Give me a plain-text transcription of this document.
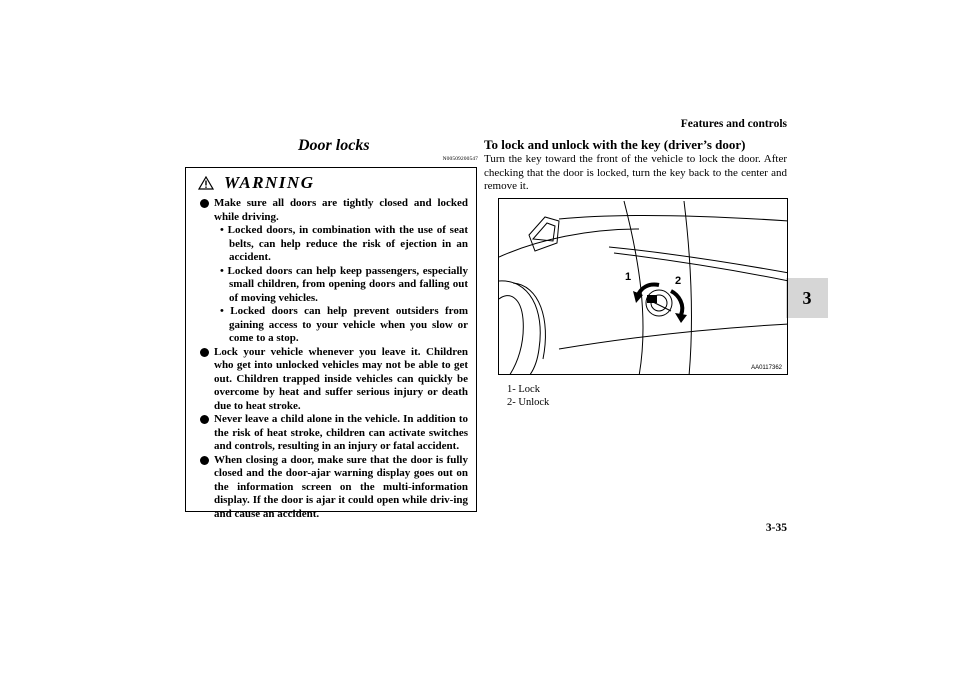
Features and controls
3
3-35
Door locks
N00509200547
WARNING
Make sure all doors are tightly closed and locked while driving.
• Locked doors, in combination with the use of seat belts, can help reduce the risk of ejection in an accident.
• Locked doors can help keep passengers, especially small children, from opening doors and falling out of moving vehicles.
• Locked doors can help prevent outsiders from gaining access to your vehicle when you slow or come to a stop.
Lock your vehicle whenever you leave it. Children who get into unlocked vehicles may not be able to get out. Children trapped inside vehicles can quickly be overcome by heat and suffer serious injury or death due to heat stroke.
Never leave a child alone in the vehicle. In addition to the risk of heat stroke, children can activate switches and controls, resulting in an injury or fatal accident.
When closing a door, make sure that the door is fully closed and the door-ajar warning display goes out on the information screen on the multi-information display. If the door is ajar it could open while driv-ing and cause an accident.
To lock and unlock with the key (driver’s door)
Turn the key toward the front of the vehicle to lock the door. After checking that the door is locked, turn the key back to the center and remove it.
1	2
AA0117362
1- Lock
2- Unlock
